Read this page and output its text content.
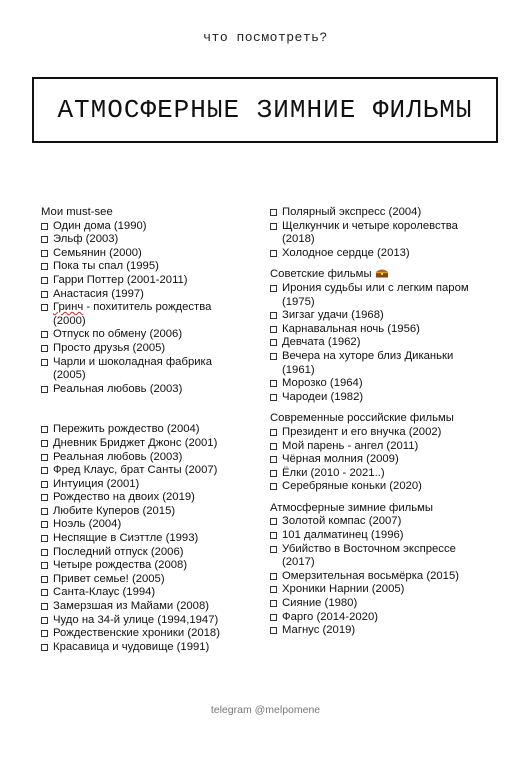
что посмотреть?
АТМОСФЕРНЫЕ ЗИМНИЕ ФИЛЬМЫ
Мои must-see
Один дома (1990)
Эльф (2003)
Семьянин (2000)
Пока ты спал (1995)
Гарри Поттер (2001-2011)
Анастасия (1997)
Гринч - похититель рождества (2000)
Отпуск по обмену (2006)
Просто друзья (2005)
Чарли и шоколадная фабрика (2005)
Реальная любовь (2003)
Пережить рождество (2004)
Дневник Бриджет Джонс (2001)
Реальная любовь (2003)
Фред Клаус, брат Санты (2007)
Интуиция (2001)
Рождество на двоих (2019)
Любите Куперов (2015)
Ноэль (2004)
Неспящие в Сиэттле (1993)
Последний отпуск (2006)
Четыре рождества (2008)
Привет семье! (2005)
Санта-Клаус (1994)
Замерзшая из Майами (2008)
Чудо на 34-й улице (1994,1947)
Рождественские хроники (2018)
Красавица и чудовище (1991)
Полярный экспресс (2004)
Щелкунчик и четыре королевства (2018)
Холодное сердце (2013)
Советские фильмы
Ирония судьбы или с легким паром (1975)
Зигзаг удачи (1968)
Карнавальная ночь (1956)
Девчата (1962)
Вечера на хуторе близ Диканьки (1961)
Морозко (1964)
Чародеи (1982)
Современные российские фильмы
Президент и его внучка (2002)
Мой парень - ангел (2011)
Чёрная молния (2009)
Ёлки (2010 - 2021..)
Серебряные коньки (2020)
Атмосферные зимние фильмы
Золотой компас (2007)
101 далматинец (1996)
Убийство в Восточном экспрессе (2017)
Омерзительная восьмёрка (2015)
Хроники Нарнии (2005)
Сияние (1980)
Фарго (2014-2020)
Магнус (2019)
telegram @melpomene
